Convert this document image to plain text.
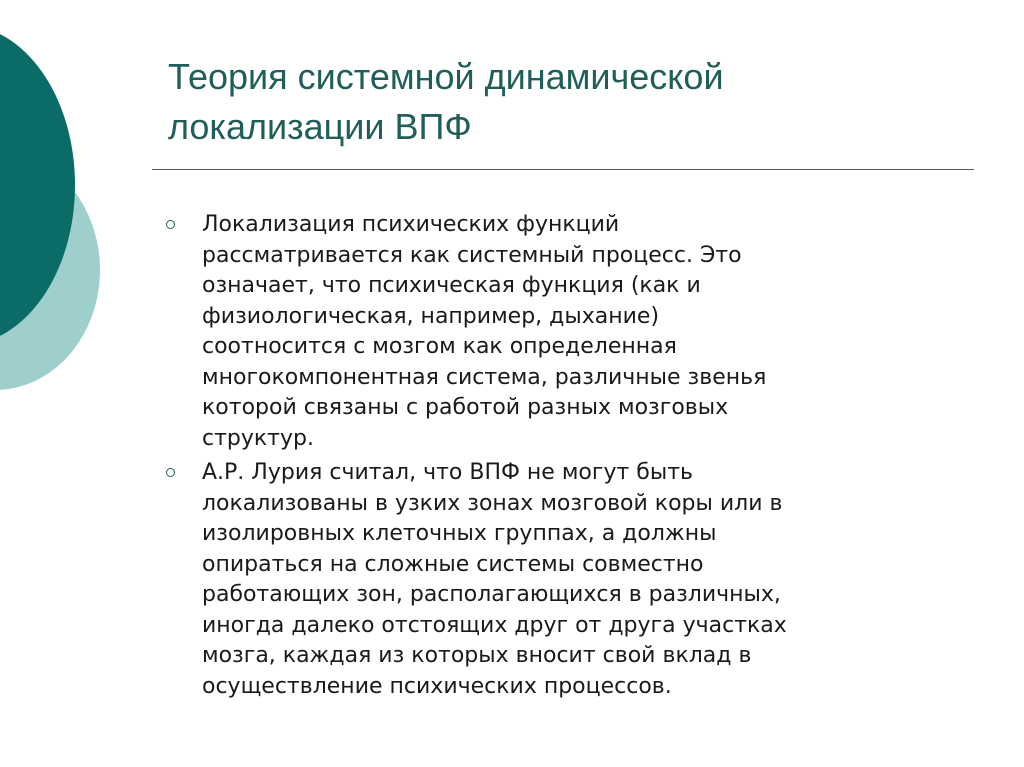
Теория системной динамической
локализации ВПФ
Локализация психических функций
рассматривается как системный процесс. Это
означает, что психическая функция (как и
физиологическая, например, дыхание)
соотносится с мозгом как определенная
многокомпонентная система, различные звенья
которой связаны с работой разных мозговых
структур.
А.Р. Лурия считал, что ВПФ не могут быть
локализованы в узких зонах мозговой коры или в
изолировных клеточных группах, а должны
опираться на сложные системы совместно
работающих зон, располагающихся в различных,
иногда далеко отстоящих друг от друга участках
мозга, каждая из которых вносит свой вклад в
осуществление психических процессов.
